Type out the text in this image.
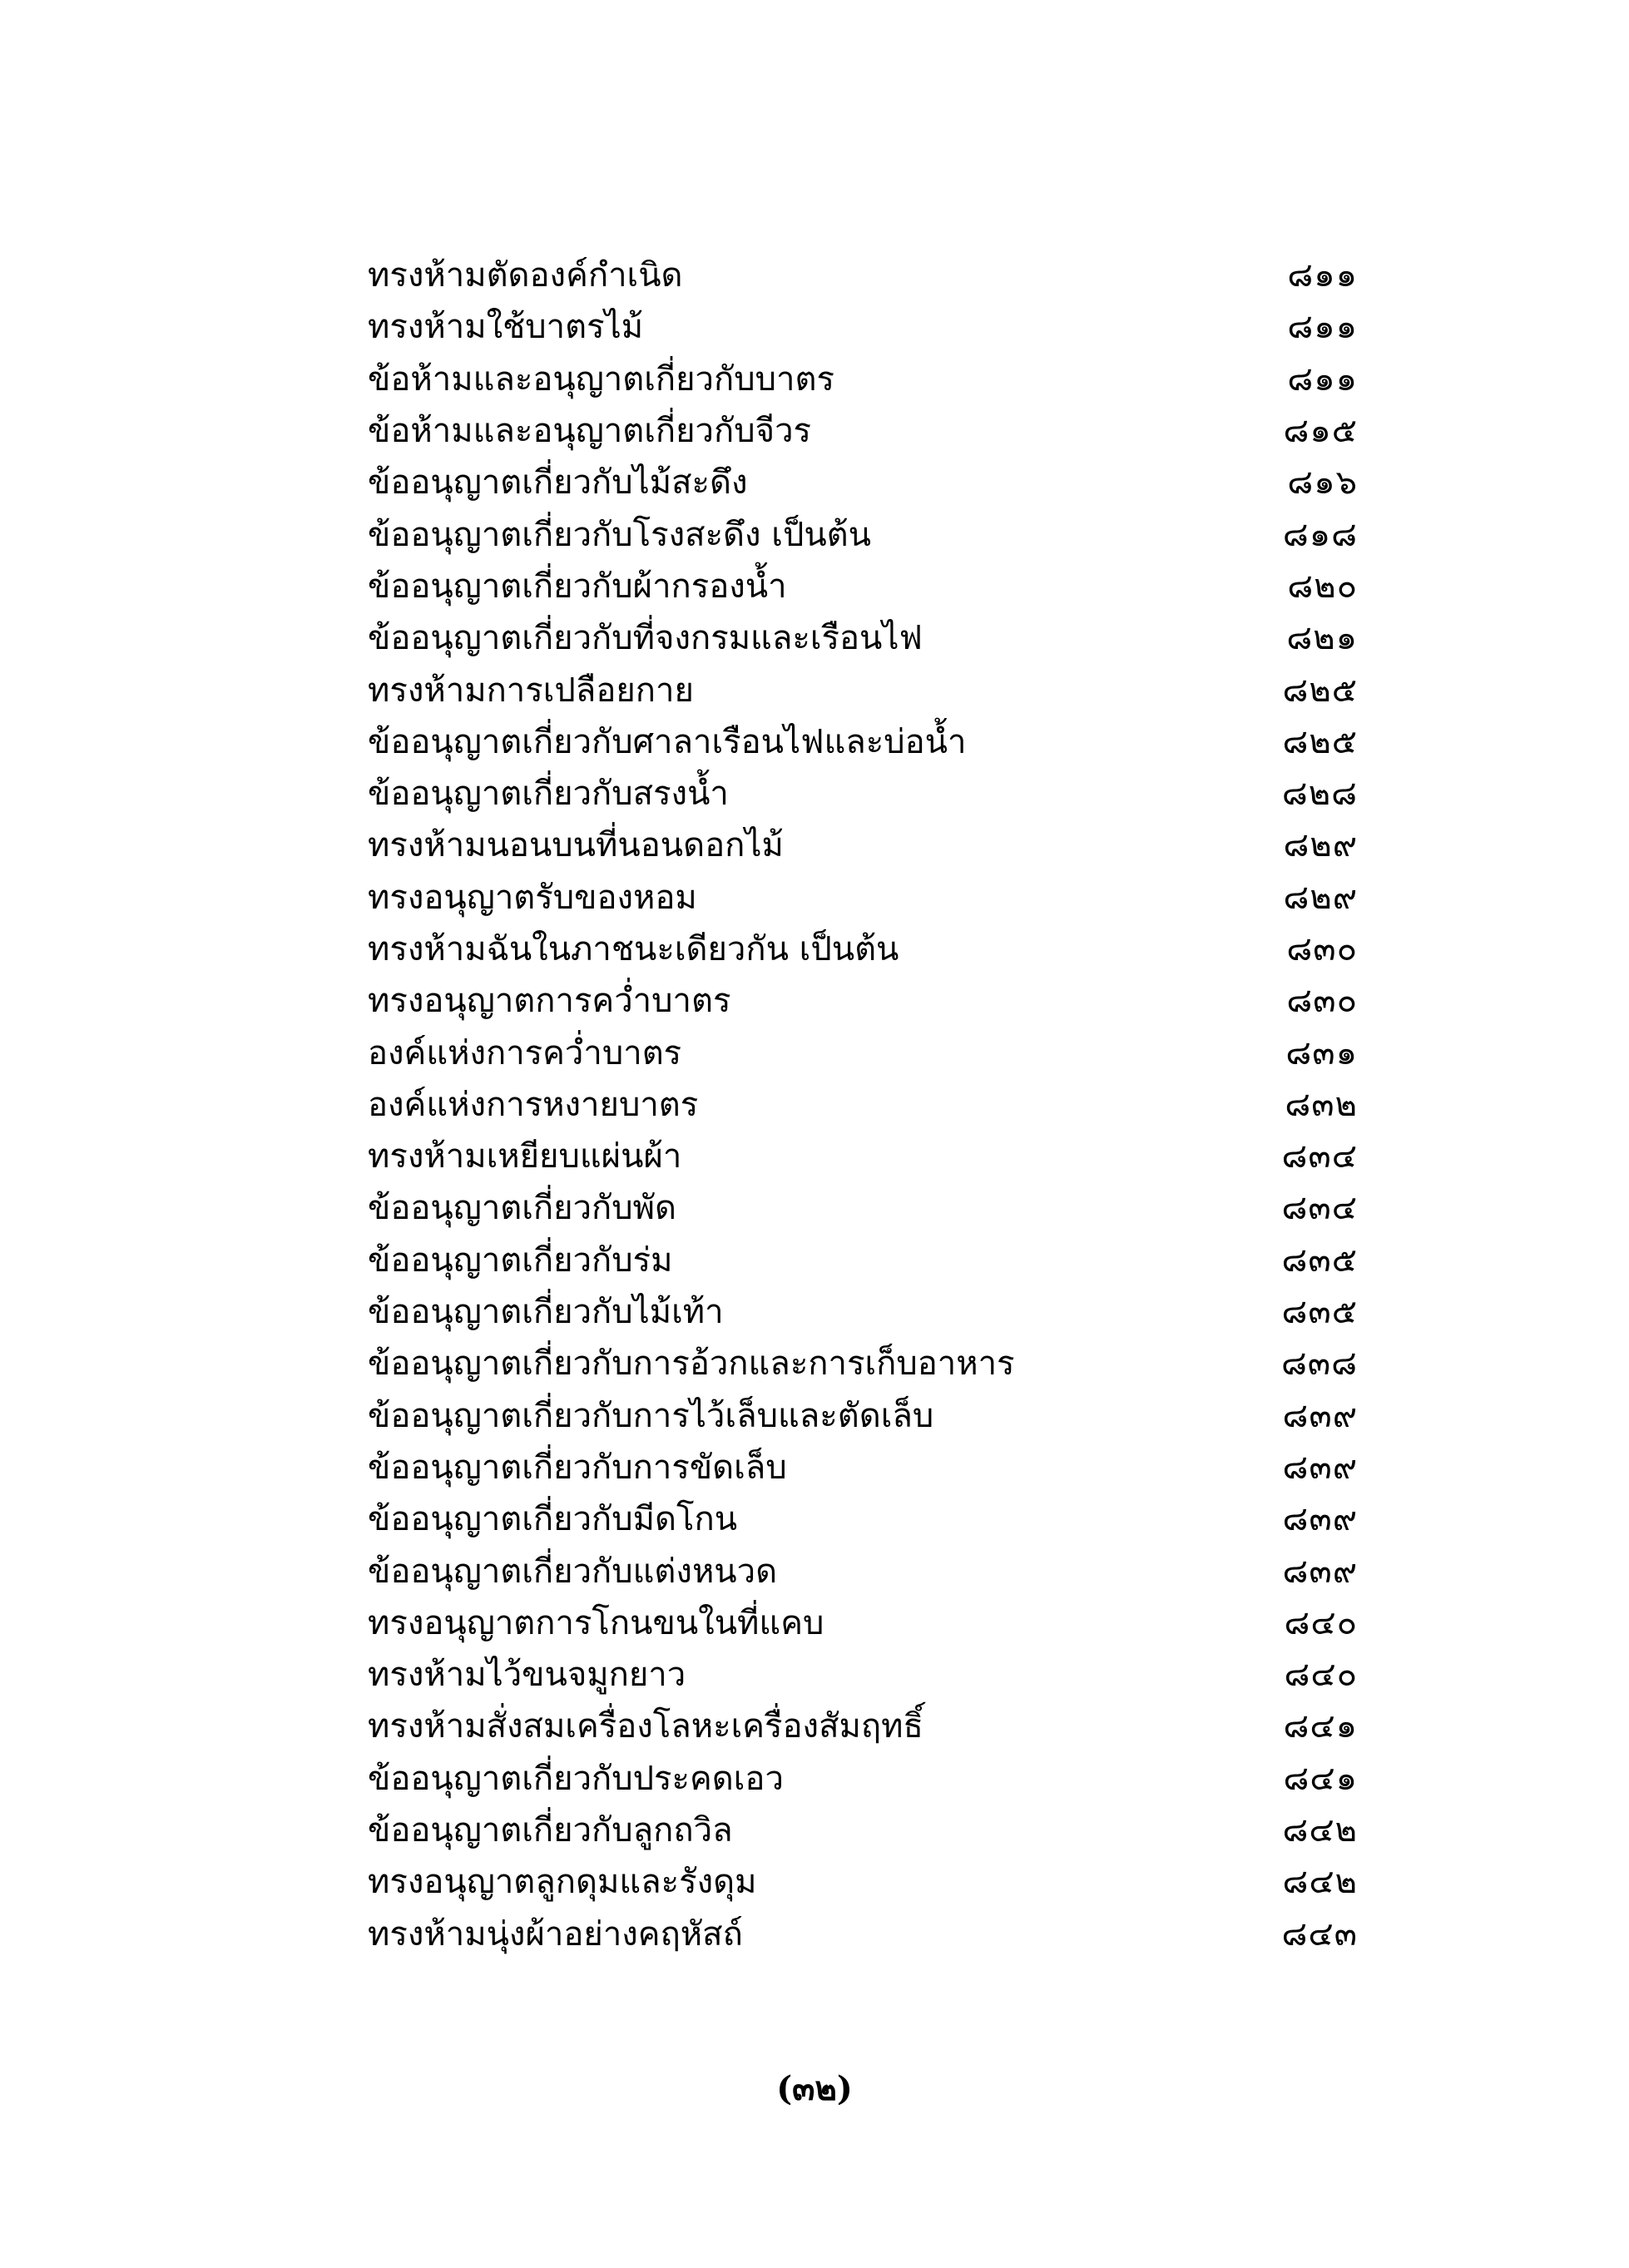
ทรงห้ามตัดองค์กำเนิด	๘๑๑
ทรงห้ามใช้บาตรไม้	๘๑๑
ข้อห้ามและอนุญาตเกี่ยวกับบาตร	๘๑๑
ข้อห้ามและอนุญาตเกี่ยวกับจีวร	๘๑๕
ข้ออนุญาตเกี่ยวกับไม้สะดึง	๘๑๖
ข้ออนุญาตเกี่ยวกับโรงสะดึง เป็นต้น	๘๑๘
ข้ออนุญาตเกี่ยวกับผ้ากรองน้ำ	๘๒๐
ข้ออนุญาตเกี่ยวกับที่จงกรมและเรือนไฟ	๘๒๑
ทรงห้ามการเปลือยกาย	๘๒๕
ข้ออนุญาตเกี่ยวกับศาลาเรือนไฟและบ่อน้ำ	๘๒๕
ข้ออนุญาตเกี่ยวกับสรงน้ำ	๘๒๘
ทรงห้ามนอนบนที่นอนดอกไม้	๘๒๙
ทรงอนุญาตรับของหอม	๘๒๙
ทรงห้ามฉันในภาชนะเดียวกัน เป็นต้น	๘๓๐
ทรงอนุญาตการคว่ำบาตร	๘๓๐
องค์แห่งการคว่ำบาตร	๘๓๑
องค์แห่งการหงายบาตร	๘๓๒
ทรงห้ามเหยียบแผ่นผ้า	๘๓๔
ข้ออนุญาตเกี่ยวกับพัด	๘๓๔
ข้ออนุญาตเกี่ยวกับร่ม	๘๓๕
ข้ออนุญาตเกี่ยวกับไม้เท้า	๘๓๕
ข้ออนุญาตเกี่ยวกับการอ้วกและการเก็บอาหาร	๘๓๘
ข้ออนุญาตเกี่ยวกับการไว้เล็บและตัดเล็บ	๘๓๙
ข้ออนุญาตเกี่ยวกับการขัดเล็บ	๘๓๙
ข้ออนุญาตเกี่ยวกับมีดโกน	๘๓๙
ข้ออนุญาตเกี่ยวกับแต่งหนวด	๘๓๙
ทรงอนุญาตการโกนขนในที่แคบ	๘๔๐
ทรงห้ามไว้ขนจมูกยาว	๘๔๐
ทรงห้ามสั่งสมเครื่องโลหะเครื่องสัมฤทธิ์	๘๔๑
ข้ออนุญาตเกี่ยวกับประคดเอว	๘๔๑
ข้ออนุญาตเกี่ยวกับลูกถวิล	๘๔๒
ทรงอนุญาตลูกดุมและรังดุม	๘๔๒
ทรงห้ามนุ่งผ้าอย่างคฤหัสถ์	๘๔๓
(๓๒)
